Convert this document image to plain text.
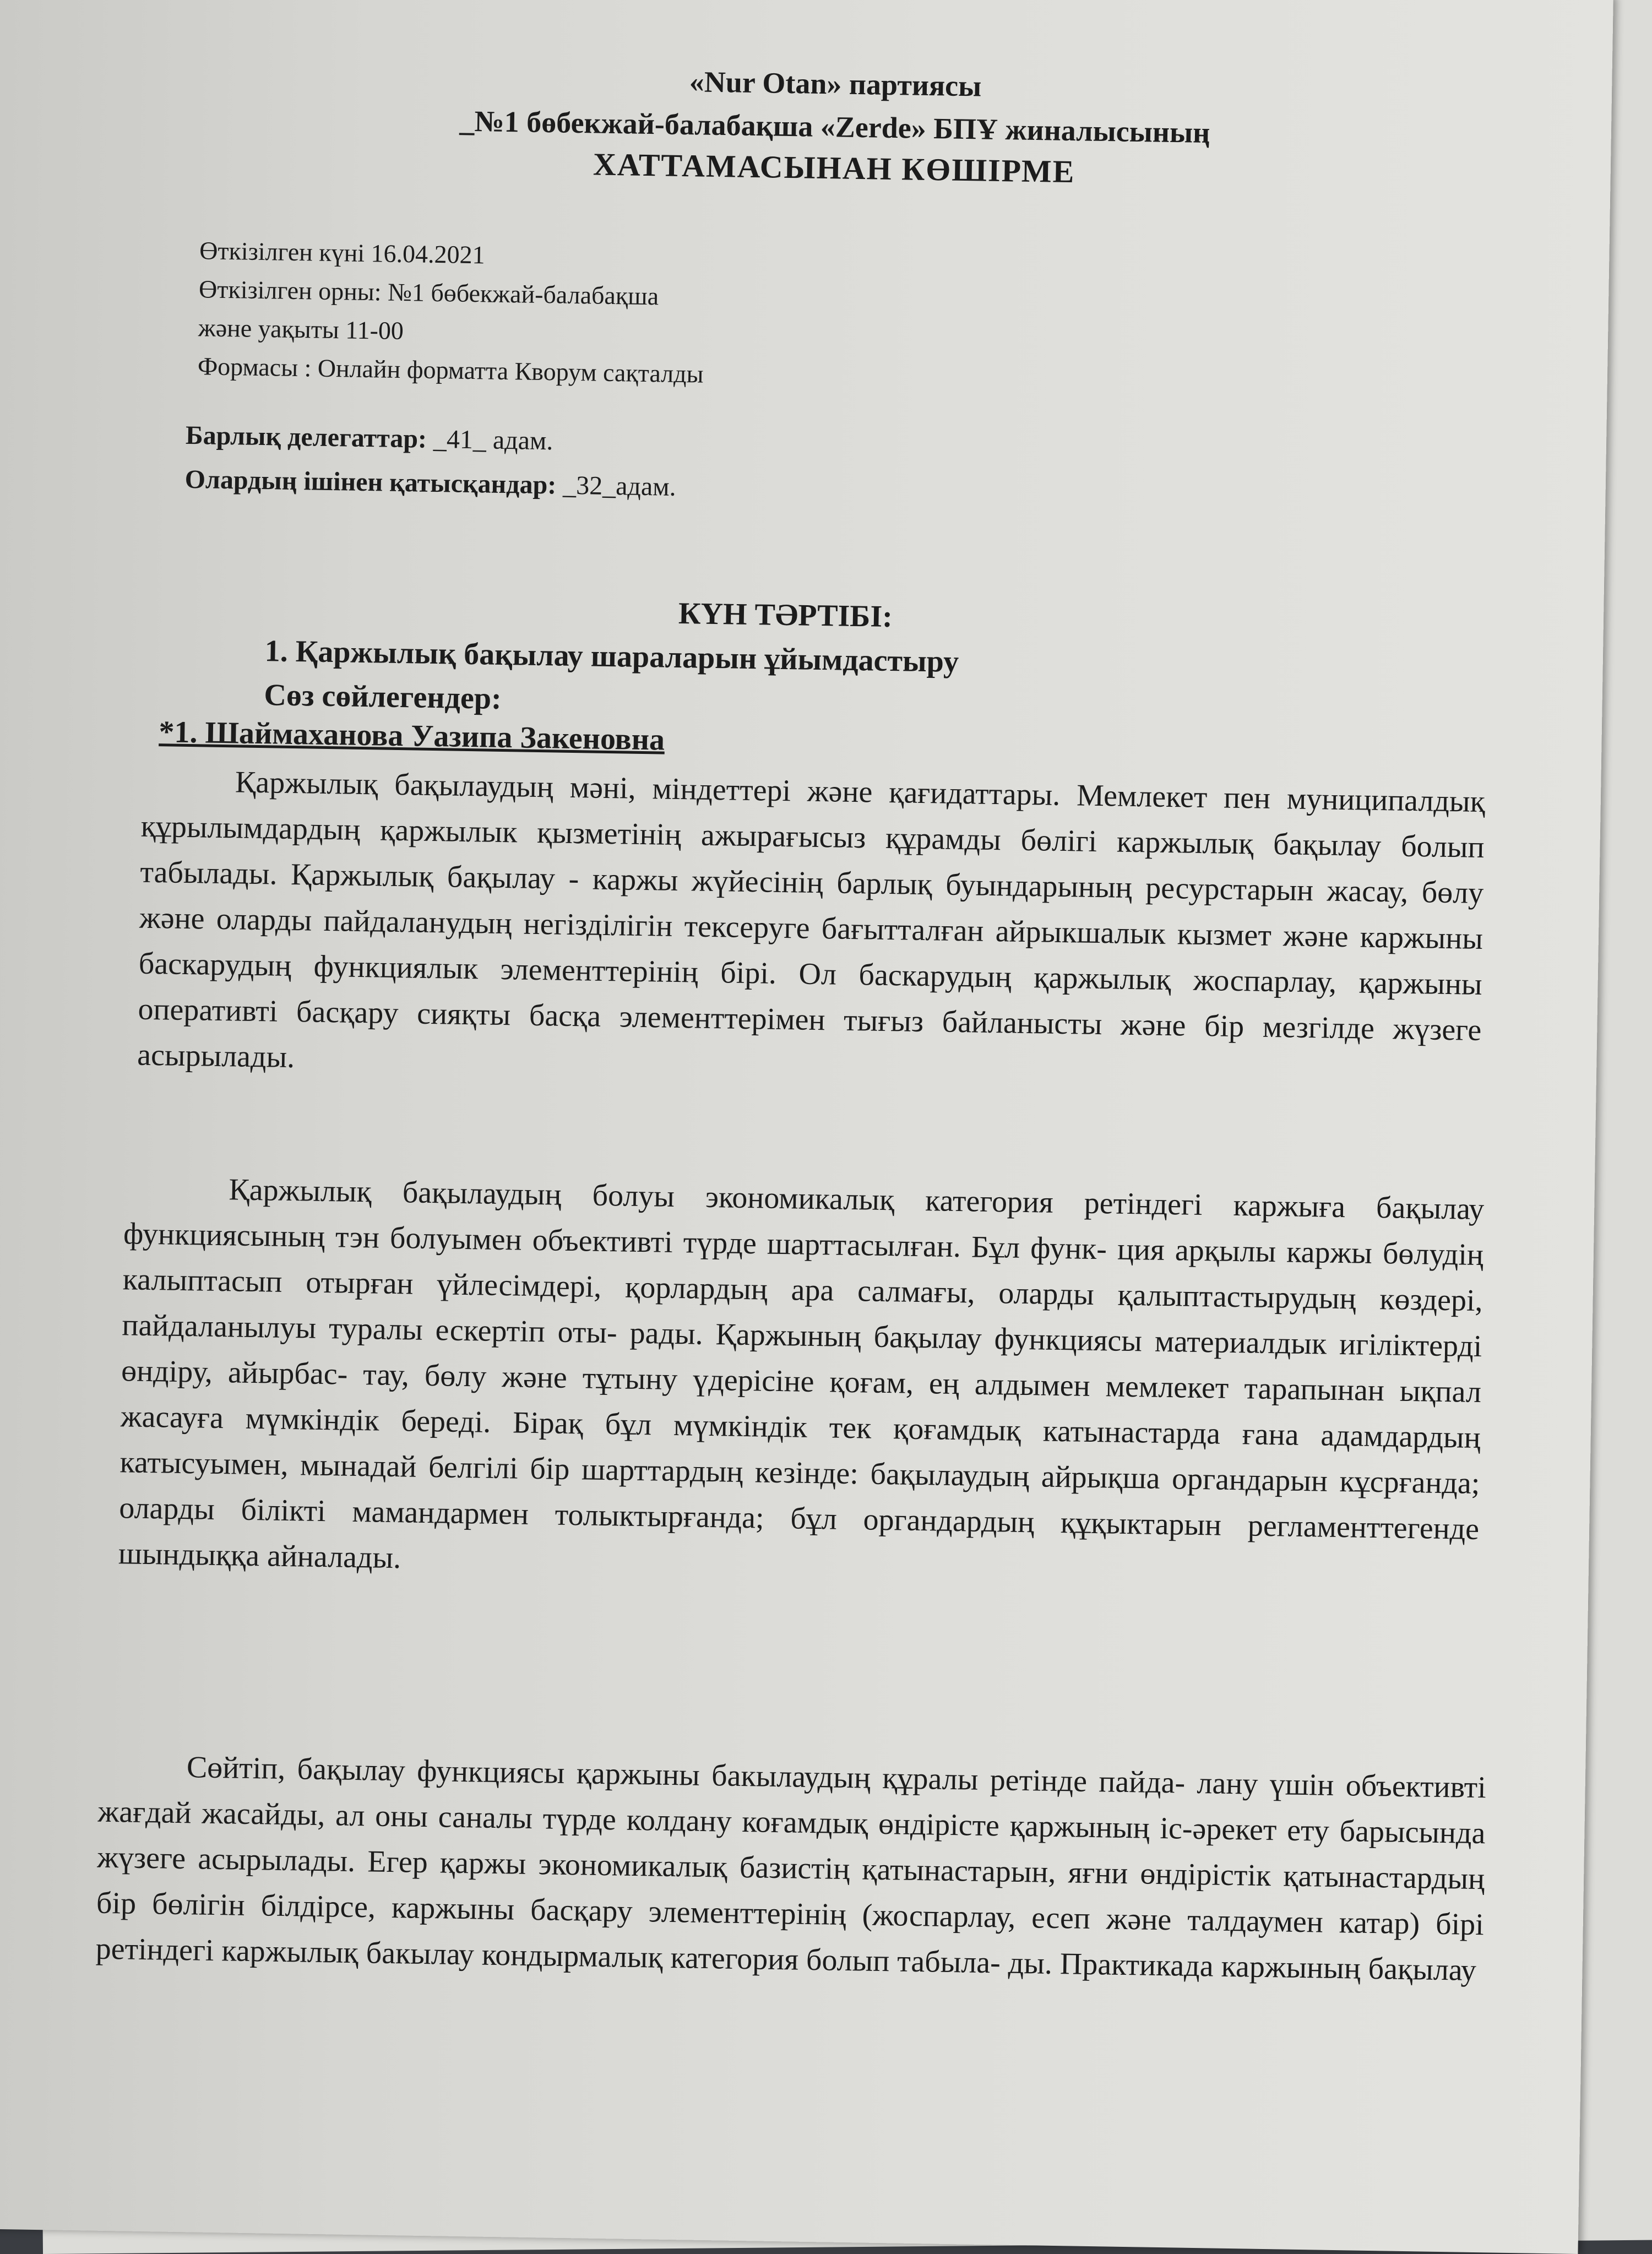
«Nur Otan» партиясы
_№1 бөбекжай-балабақша «Zerde» БПҰ жиналысының
ХАТТАМАСЫНАН КӨШІРМЕ
Өткізілген күні 16.04.2021
Өткізілген орны: №1 бөбекжай-балабақша
және уақыты 11-00
Формасы : Онлайн форматта Кворум сақталды
Барлық делегаттар: _41_ адам.
Олардың ішінен қатысқандар: _32_адам.
КҮН ТӘРТІБІ:
1. Қаржылық бақылау шараларын ұйымдастыру
Сөз сөйлегендер:
*1. Шаймаханова Уазипа Закеновна
Қаржылық бақылаудың мәні, міндеттері және қағидаттары. Мемлекет пен муниципалдық құрылымдардың қаржылык қызметінің ажырағысыз құрамды бөлігі каржылық бақылау болып табылады. Қаржылық бақылау - каржы жүйесінің барлық буындарының ресурстарын жасау, бөлу және оларды пайдаланудың негізділігін тексеруге бағытталған айрыкшалык кызмет және каржыны баскарудың функциялык элементтерінің бірі. Ол баскарудың қаржылық жоспарлау, қаржыны оперативті басқару сияқты басқа элементтерімен тығыз байланысты және бір мезгілде жүзеге асырылады.
Қаржылық бақылаудың болуы экономикалық категория ретіндегі каржыға бақылау функциясының тэн болуымен объективті түрде шарттасылған. Бұл функ- ция арқылы каржы бөлудің калыптасып отырған үйлесімдері, қорлардың ара салмағы, оларды қалыптастырудың көздері, пайдаланылуы туралы ескертіп оты- рады. Қаржының бақылау функциясы материалдык игіліктерді өндіру, айырбас- тау, бөлу және тұтыну үдерісіне қоғам, ең алдымен мемлекет тарапынан ықпал жасауға мүмкіндік береді. Бірақ бұл мүмкіндік тек қоғамдық катынастарда ғана адамдардың катысуымен, мынадай белгілі бір шарттардың кезінде: бақылаудың айрықша органдарын кұсрғанда; оларды білікті мамандармен толыктырғанда; бұл органдардың құқыктарын регламенттегенде шындыққа айналады.
Сөйтіп, бақылау функциясы қаржыны бакылаудың құралы ретінде пайда- лану үшін объективті жағдай жасайды, ал оны саналы түрде колдану коғамдық өндірісте қаржының іс-әрекет ету барысында жүзеге асырылады. Егер қаржы экономикалық базистің қатынастарын, яғни өндірістік қатынастардың бір бөлігін білдірсе, каржыны басқару элементтерінің (жоспарлау, есеп және талдаумен катар) бірі ретіндегі каржылық бакылау кондырмалық категория болып табыла- ды. Практикада каржының бақылау
